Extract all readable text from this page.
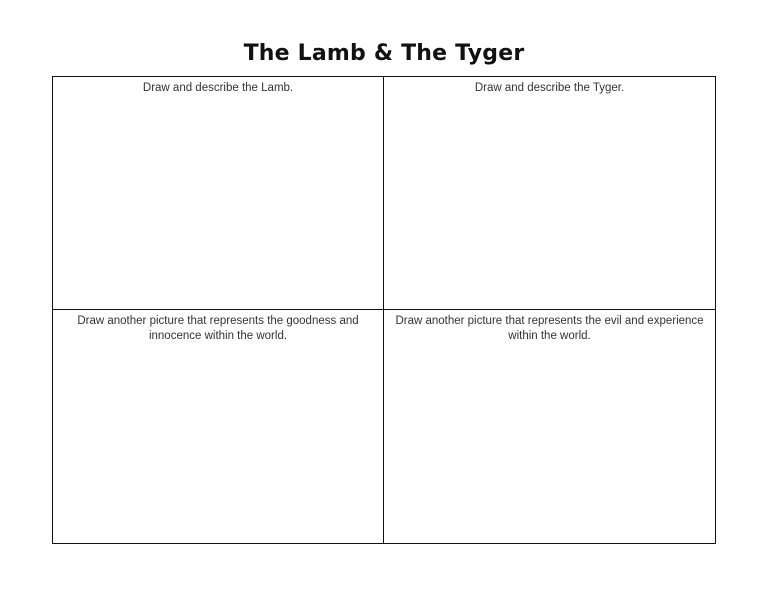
The Lamb & The Tyger
Draw and describe the Lamb.	Draw and describe the Tyger.
Draw another picture that represents the goodness and innocence within the world.
Draw another picture that represents the evil and experience within the world.
